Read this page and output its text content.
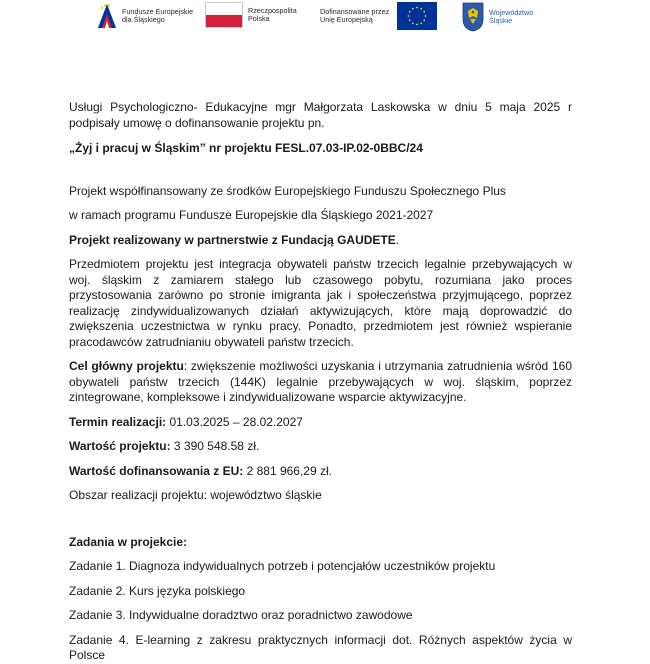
Fundusze Europejskie
dla Śląskiego
Rzeczpospolita
Polska
Dofinansowane przez
Unię Europejską
Województwo
Śląskie

Usługi Psychologiczno- Edukacyjne mgr Małgorzata Laskowska w dniu 5 maja 2025 r podpisały umowę o dofinansowanie projektu pn.

„Żyj i pracuj w Śląskim” nr projektu FESL.07.03-IP.02-0BBC/24

Projekt współfinansowany ze środków Europejskiego Funduszu Społecznego Plus

w ramach programu Fundusze Europejskie dla Śląskiego 2021-2027

Projekt realizowany w partnerstwie z Fundacją GAUDETE.

Przedmiotem projektu jest integracja obywateli państw trzecich legalnie przebywających w woj. śląskim z zamiarem stałego lub czasowego pobytu, rozumiana jako proces przystosowania zarówno po stronie imigranta jak i społeczeństwa przyjmującego, poprzez realizację zindywidualizowanych działań aktywizujących, które mają doprowadzić do zwiększenia uczestnictwa w rynku pracy. Ponadto, przedmiotem jest również wspieranie pracodawców zatrudnianiu obywateli państw trzecich.

Cel główny projektu: zwiększenie możliwości uzyskania i utrzymania zatrudnienia wśród 160 obywateli państw trzecich (144K) legalnie przebywających w woj. śląskim, poprzez zintegrowane, kompleksowe i zindywidualizowane wsparcie aktywizacyjne.

Termin realizacji: 01.03.2025 – 28.02.2027

Wartość projektu: 3 390 548.58 zł.

Wartość dofinansowania z EU: 2 881 966,29 zł.

Obszar realizacji projektu: województwo śląskie

Zadania w projekcie:

Zadanie 1. Diagnoza indywidualnych potrzeb i potencjałów uczestników projektu

Zadanie 2. Kurs języka polskiego

Zadanie 3. Indywidualne doradztwo oraz poradnictwo zawodowe

Zadanie 4. E-learning z zakresu praktycznych informacji dot. Różnych aspektów życia w Polsce
